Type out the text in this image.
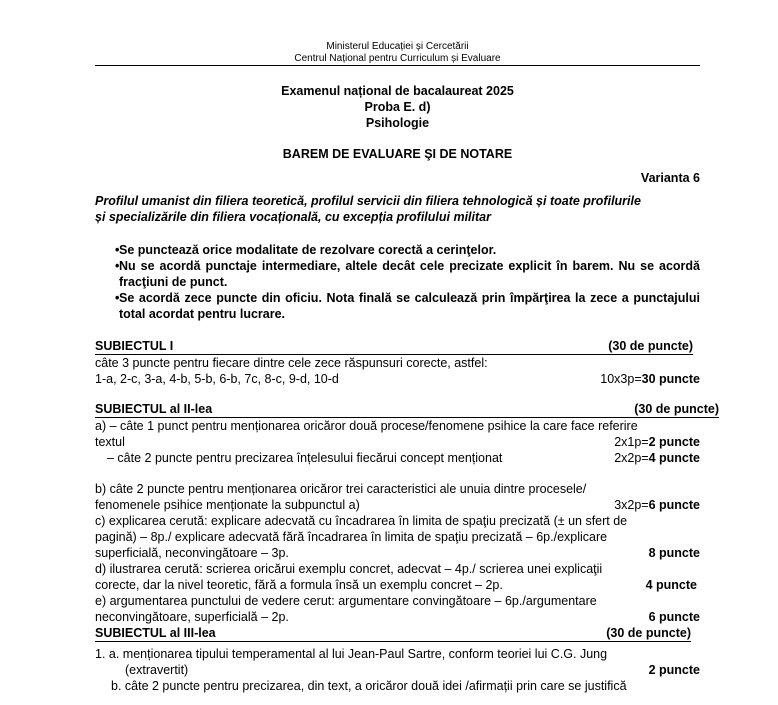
Ministerul Educației și Cercetării
Centrul Național pentru Curriculum și Evaluare
Examenul național de bacalaureat 2025
Proba E. d)
Psihologie
BAREM DE EVALUARE ŞI DE NOTARE
Varianta 6
Profilul umanist din filiera teoretică, profilul servicii din filiera tehnologică și toate profilurile
și specializările din filiera vocațională, cu excepția profilului militar
• Se punctează orice modalitate de rezolvare corectă a cerinţelor.
• Nu se acordă punctaje intermediare, altele decât cele precizate explicit în barem. Nu se acordă fracţiuni de punct.
• Se acordă zece puncte din oficiu. Nota finală se calculează prin împărţirea la zece a punctajului total acordat pentru lucrare.
SUBIECTUL I	(30 de puncte)
câte 3 puncte pentru fiecare dintre cele zece răspunsuri corecte, astfel:
1-a, 2-c, 3-a, 4-b, 5-b, 6-b, 7c, 8-c, 9-d, 10-d	10x3p=30 puncte
SUBIECTUL al II-lea	(30 de puncte)
a) – câte 1 punct pentru menționarea oricăror două procese/fenomene psihice la care face referire
textul	2x1p=2 puncte
– câte 2 puncte pentru precizarea înțelesului fiecărui concept menționat	2x2p=4 puncte
b) câte 2 puncte pentru menționarea oricăror trei caracteristici ale unuia dintre procesele/
fenomenele psihice menționate la subpunctul a)	3x2p=6 puncte
c) explicarea cerută: explicare adecvată cu încadrarea în limita de spaţiu precizată (± un sfert de
pagină) – 8p./ explicare adecvată fără încadrarea în limita de spaţiu precizată – 6p./explicare
superficială, neconvingătoare – 3p.	8 puncte
d) ilustrarea cerută: scrierea oricărui exemplu concret, adecvat – 4p./ scrierea unei explicaţii
corecte, dar la nivel teoretic, fără a formula însă un exemplu concret – 2p.	4 puncte
e) argumentarea punctului de vedere cerut: argumentare convingătoare – 6p./argumentare
neconvingătoare, superficială – 2p.	6 puncte
SUBIECTUL al III-lea	(30 de puncte)
1. a. menționarea tipului temperamental al lui Jean-Paul Sartre, conform teoriei lui C.G. Jung
(extravertit)	2 puncte
b. câte 2 puncte pentru precizarea, din text, a oricăror două idei /afirmații prin care se justifică
